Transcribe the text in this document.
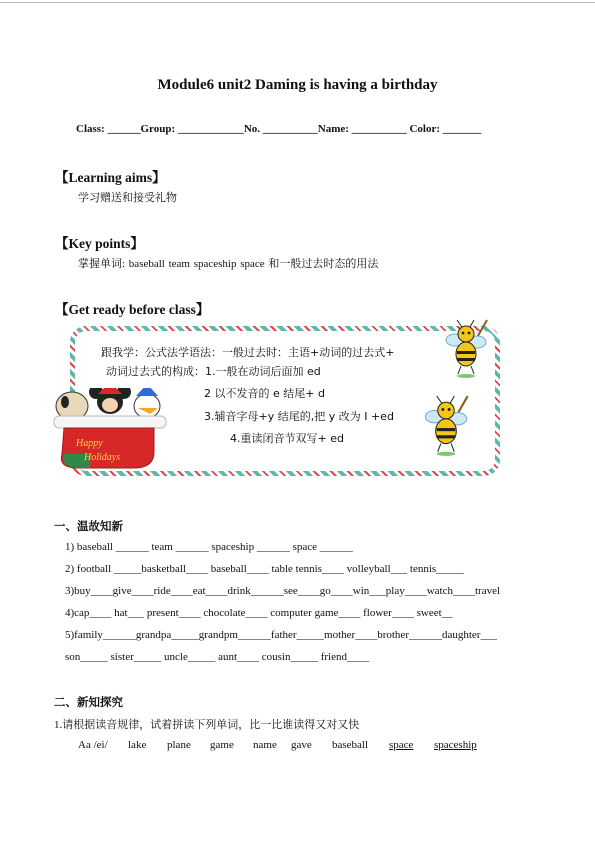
Module6 unit2 Daming is having a birthday
Class: ______Group: ____________No. __________Name: __________ Color: _______
【Learning aims】
学习赠送和接受礼物
【Key points】
掌握单词: baseball team spaceship space 和一般过去时态的用法
【Get ready before class】
跟我学：公式法学语法：一般过去时：主语+动词的过去式+
动词过去式的构成：1.一般在动词后面加 ed
2 以不发音的 e 结尾+ d
3.辅音字母+y 结尾的,把 y 改为 I +ed
4.重读闭音节双写+ ed
Happy
Holidays
一、温故知新
1) baseball ______ team ______ spaceship ______ space ______
2) football _____basketball____ baseball____ table tennis____ volleyball___ tennis_____
3)buy____give____ride____eat____drink______see____go____win___play____watch____travel
4)cap____ hat___ present____ chocolate____ computer game____ flower____ sweet__
5)family______grandpa_____grandpm______father_____mother____brother______daughter___
son_____ sister_____ uncle_____ aunt____ cousin_____ friend____
二、新知探究
1.请根据读音规律，试着拼读下列单词，比一比谁读得又对又快
Aa /ei/ lake plane game name gave baseball space spaceship
